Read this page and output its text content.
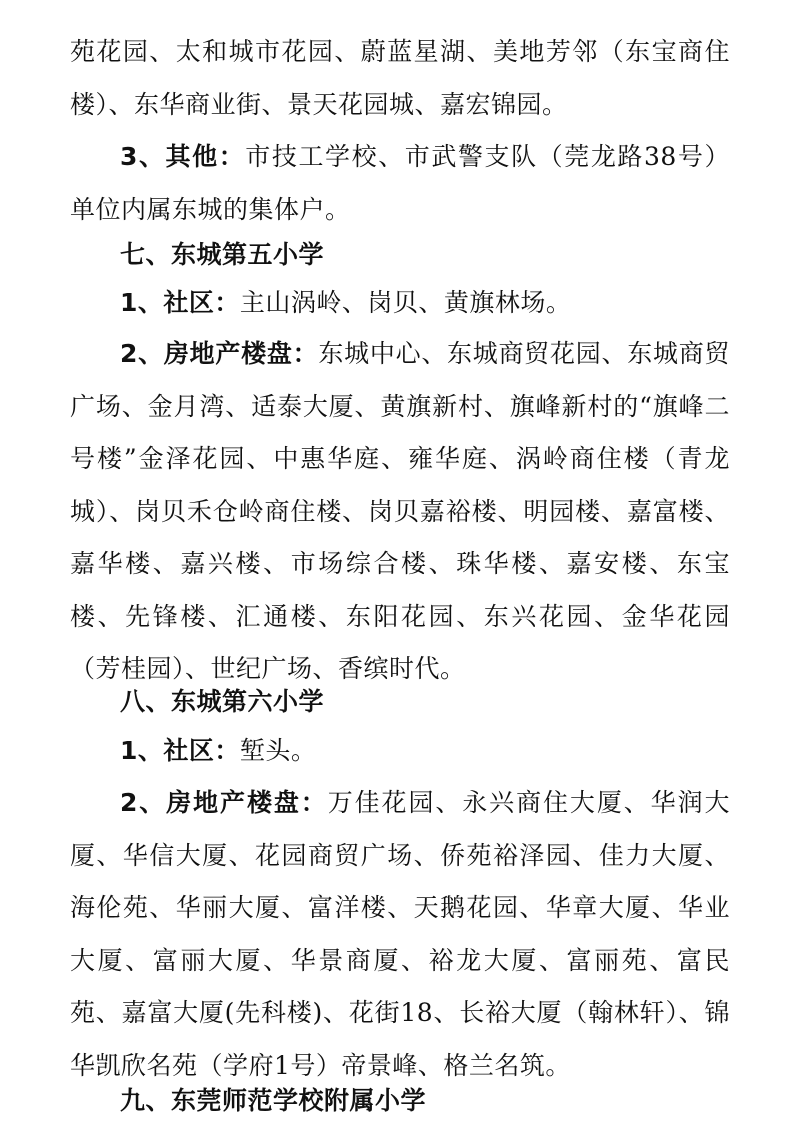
苑花园、太和城市花园、蔚蓝星湖、美地芳邻（东宝商住楼）、东华商业街、景天花园城、嘉宏锦园。

3、其他：市技工学校、市武警支队（莞龙路38号）单位内属东城的集体户。

七、东城第五小学

1、社区：主山涡岭、岗贝、黄旗林场。

2、房地产楼盘：东城中心、东城商贸花园、东城商贸广场、金月湾、适泰大厦、黄旗新村、旗峰新村的“旗峰二号楼”金泽花园、中惠华庭、雍华庭、涡岭商住楼（青龙城）、岗贝禾仓岭商住楼、岗贝嘉裕楼、明园楼、嘉富楼、嘉华楼、嘉兴楼、市场综合楼、珠华楼、嘉安楼、东宝楼、先锋楼、汇通楼、东阳花园、东兴花园、金华花园（芳桂园）、世纪广场、香缤时代。

八、东城第六小学

1、社区：堑头。

2、房地产楼盘：万佳花园、永兴商住大厦、华润大厦、华信大厦、花园商贸广场、侨苑裕泽园、佳力大厦、海伦苑、华丽大厦、富洋楼、天鹅花园、华章大厦、华业大厦、富丽大厦、华景商厦、裕龙大厦、富丽苑、富民苑、嘉富大厦(先科楼)、花街18、长裕大厦（翰林轩）、锦华凯欣名苑（学府1号）帝景峰、格兰名筑。

九、东莞师范学校附属小学
